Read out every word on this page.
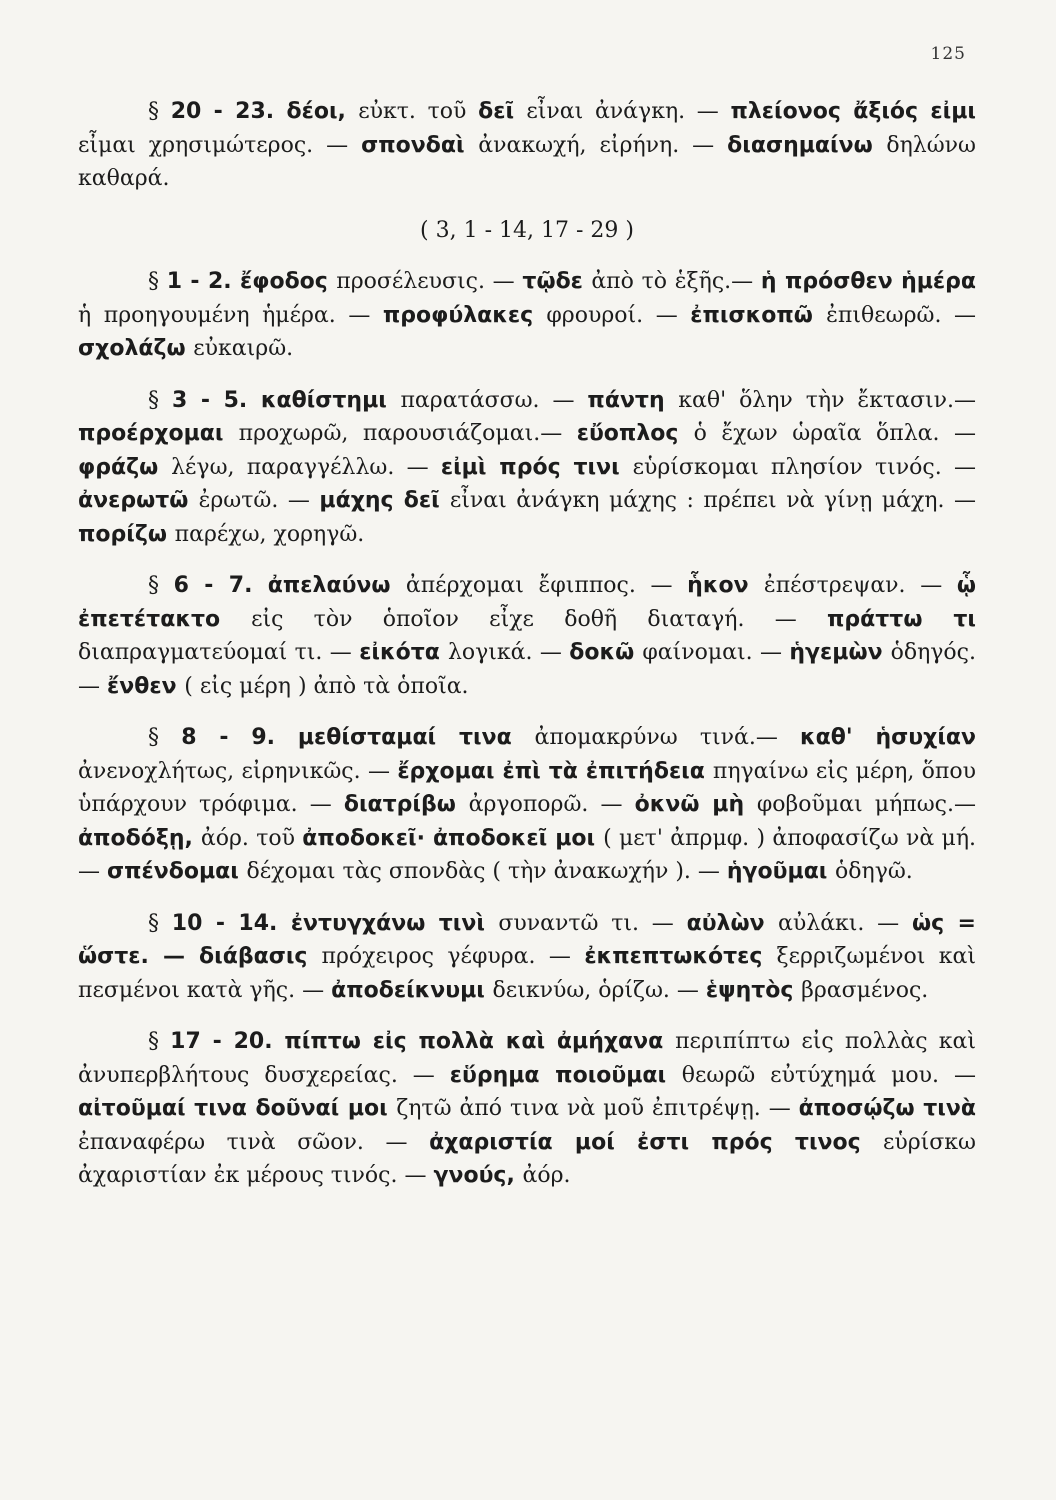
125

§ 20 - 23. δέοι, εὐκτ. τοῦ δεῖ εἶναι ἀνάγκη. — πλείονος ἄξιός εἰμι εἶμαι χρησιμώτερος. — σπονδαὶ ἀνακωχή, εἰρήνη. — διασημαίνω δηλώνω καθαρά.

( 3, 1 - 14, 17 - 29 )

§ 1 - 2. ἔφοδος προσέλευσις. — τῷδε ἀπὸ τὸ ἑξῆς.— ἡ πρόσθεν ἡμέρα ἡ προηγουμένη ἡμέρα. — προφύλακες φρουροί. — ἐπισκοπῶ ἐπιθεωρῶ. — σχολάζω εὐκαιρῶ.

§ 3 - 5. καθίστημι παρατάσσω. — πάντη καθ' ὅλην τὴν ἔκτασιν.— προέρχομαι προχωρῶ, παρουσιάζομαι.— εὔοπλος ὁ ἔχων ὡραῖα ὅπλα. — φράζω λέγω, παραγγέλλω. — εἰμὶ πρός τινι εὑρίσκομαι πλησίον τινός. — ἀνερωτῶ ἐρωτῶ. — μάχης δεῖ εἶναι ἀνάγκη μάχης : πρέπει νὰ γίνῃ μάχη. — πορίζω παρέχω, χορηγῶ.

§ 6 - 7. ἀπελαύνω ἀπέρχομαι ἔφιππος. — ἧκον ἐπέστρεψαν. — ᾧ ἐπετέτακτο εἰς τὸν ὁποῖον εἶχε δοθῆ διαταγή. — πράττω τι διαπραγματεύομαί τι. — εἰκότα λογικά. — δοκῶ φαίνομαι. — ἡγεμὼν ὁδηγός. — ἔνθεν ( εἰς μέρη ) ἀπὸ τὰ ὁποῖα.

§ 8 - 9. μεθίσταμαί τινα ἀπομακρύνω τινά.— καθ' ἡσυχίαν ἀνενοχλήτως, εἰρηνικῶς. — ἔρχομαι ἐπὶ τὰ ἐπιτήδεια πηγαίνω εἰς μέρη, ὅπου ὑπάρχουν τρόφιμα. — διατρίβω ἀργοπορῶ. — ὀκνῶ μὴ φοβοῦμαι μήπως.— ἀποδόξῃ, ἀόρ. τοῦ ἀποδοκεῖ· ἀποδοκεῖ μοι ( μετ' ἀπρμφ. ) ἀποφασίζω νὰ μή. — σπένδομαι δέχομαι τὰς σπονδὰς ( τὴν ἀνακωχήν ). — ἡγοῦμαι ὁδηγῶ.

§ 10 - 14. ἐντυγχάνω τινὶ συναντῶ τι. — αὐλὼν αὐλάκι. — ὡς = ὥστε. — διάβασις πρόχειρος γέφυρα. — ἐκπεπτωκότες ξερριζωμένοι καὶ πεσμένοι κατὰ γῆς. — ἀποδείκνυμι δεικνύω, ὁρίζω. — ἑψητὸς βρασμένος.

§ 17 - 20. πίπτω εἰς πολλὰ καὶ ἀμήχανα περιπίπτω εἰς πολλὰς καὶ ἀνυπερβλήτους δυσχερείας. — εὕρημα ποιοῦμαι θεωρῶ εὐτύχημά μου. — αἰτοῦμαί τινα δοῦναί μοι ζητῶ ἀπό τινα νὰ μοῦ ἐπιτρέψῃ. — ἀποσῴζω τινὰ ἐπαναφέρω τινὰ σῶον. — ἀχαριστία μοί ἐστι πρός τινος εὑρίσκω ἀχαριστίαν ἐκ μέρους τινός. — γνούς, ἀόρ.
